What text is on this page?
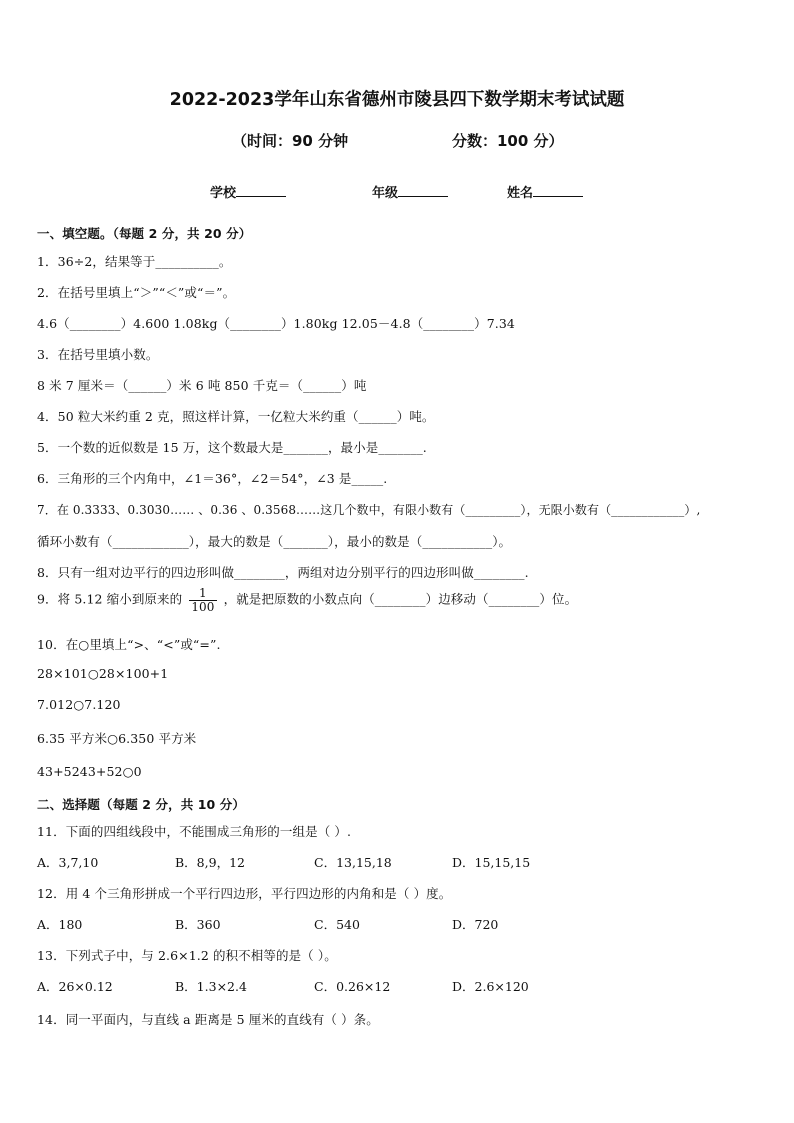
2022-2023学年山东省德州市陵县四下数学期末考试试题
（时间：90 分钟	分数：100 分）
学校	年级	姓名
一、填空题。（每题 2 分，共 20 分）
1．36÷2，结果等于__________。
2．在括号里填上“＞”“＜”或“＝”。
4.6（________）4.600 1.08kg（________）1.80kg 12.05－4.8（________）7.34
3．在括号里填小数。
8 米 7 厘米＝（______）米 6 吨 850 千克＝（______）吨
4．50 粒大米约重 2 克，照这样计算，一亿粒大米约重（______）吨。
5．一个数的近似数是 15 万，这个数最大是_______，最小是_______.
6．三角形的三个内角中，∠1＝36°，∠2＝54°，∠3 是_____.
7．在 0.3333、0.3030…… 、0.36 、0.3568……这几个数中，有限小数有（_________），无限小数有（____________）,
循环小数有（____________），最大的数是（_______），最小的数是（___________）。
8．只有一组对边平行的四边形叫做________，两组对边分别平行的四边形叫做________.
9．将 5.12 缩小到原来的 $\frac{1}{100}$ ，就是把原数的小数点向（________）边移动（________）位。
10．在○里填上“>、“<”或“=”.
28×101○28×100+1
7.012○7.120
6.35 平方米○6.350 平方米
43+5243+52○0
二、选择题（每题 2 分，共 10 分）
11．下面的四组线段中，不能围成三角形的一组是（ ）.
A．3,7,10	B．8,9，12	C．13,15,18	D．15,15,15
12．用 4 个三角形拼成一个平行四边形，平行四边形的内角和是（ ）度。
A．180	B．360	C．540	D．720
13．下列式子中，与 2.6×1.2 的积不相等的是（ ）。
A．26×0.12	B．1.3×2.4	C．0.26×12	D．2.6×120
14．同一平面内，与直线 a 距离是 5 厘米的直线有（ ）条。
